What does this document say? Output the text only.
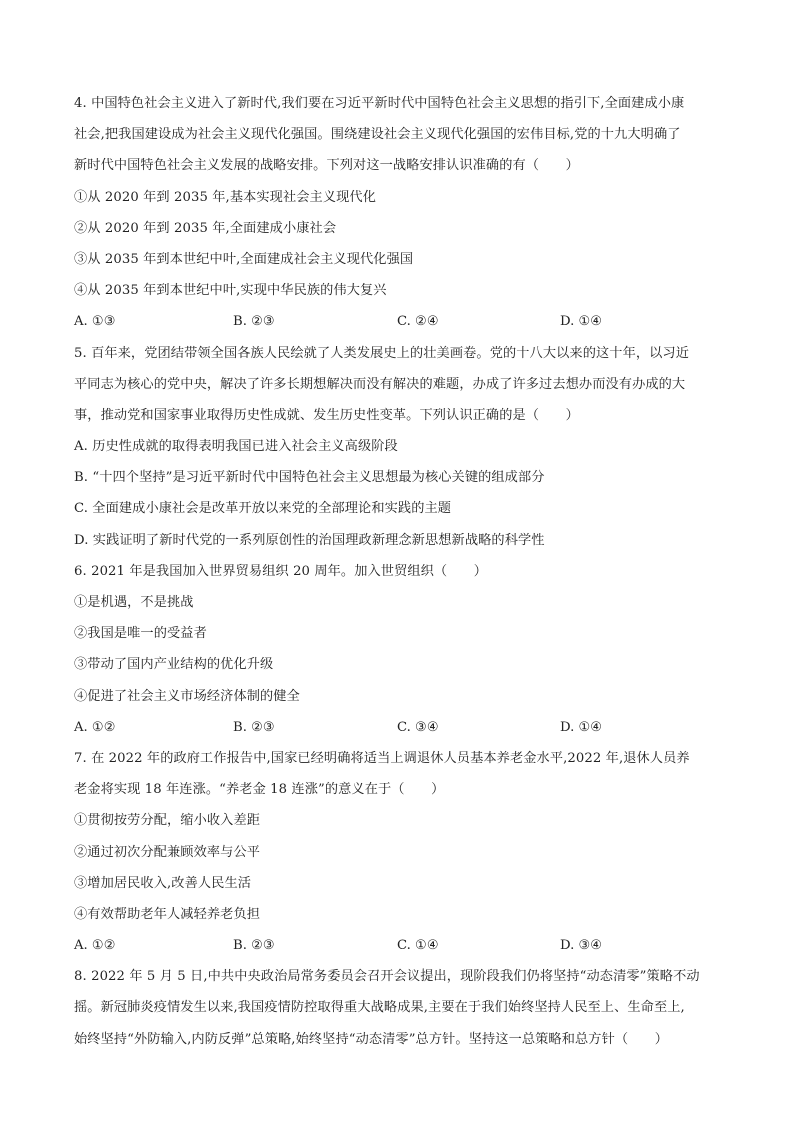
4. 中国特色社会主义进入了新时代,我们要在习近平新时代中国特色社会主义思想的指引下,全面建成小康
社会,把我国建设成为社会主义现代化强国。围绕建设社会主义现代化强国的宏伟目标,党的十九大明确了
新时代中国特色社会主义发展的战略安排。下列对这一战略安排认识准确的有（　　）
①从 2020 年到 2035 年,基本实现社会主义现代化
②从 2020 年到 2035 年,全面建成小康社会
③从 2035 年到本世纪中叶,全面建成社会主义现代化强国
④从 2035 年到本世纪中叶,实现中华民族的伟大复兴
A. ①③	B. ②③	C. ②④	D. ①④
5. 百年来，党团结带领全国各族人民绘就了人类发展史上的壮美画卷。党的十八大以来的这十年，以习近
平同志为核心的党中央，解决了许多长期想解决而没有解决的难题，办成了许多过去想办而没有办成的大
事，推动党和国家事业取得历史性成就、发生历史性变革。下列认识正确的是（　　）
A. 历史性成就的取得表明我国已进入社会主义高级阶段
B. “十四个坚持”是习近平新时代中国特色社会主义思想最为核心关键的组成部分
C. 全面建成小康社会是改革开放以来党的全部理论和实践的主题
D. 实践证明了新时代党的一系列原创性的治国理政新理念新思想新战略的科学性
6. 2021 年是我国加入世界贸易组织 20 周年。加入世贸组织（　　）
①是机遇，不是挑战
②我国是唯一的受益者
③带动了国内产业结构的优化升级
④促进了社会主义市场经济体制的健全
A. ①②	B. ②③	C. ③④	D. ①④
7. 在 2022 年的政府工作报告中,国家已经明确将适当上调退休人员基本养老金水平,2022 年,退休人员养
老金将实现 18 年连涨。“养老金 18 连涨”的意义在于（　　）
①贯彻按劳分配，缩小收入差距
②通过初次分配兼顾效率与公平
③增加居民收入,改善人民生活
④有效帮助老年人减轻养老负担
A. ①②	B. ②③	C. ①④	D. ③④
8. 2022 年 5 月 5 日,中共中央政治局常务委员会召开会议提出，现阶段我们仍将坚持“动态清零”策略不动
摇。新冠肺炎疫情发生以来,我国疫情防控取得重大战略成果,主要在于我们始终坚持人民至上、生命至上,
始终坚持“外防输入,内防反弹”总策略,始终坚持“动态清零”总方针。坚持这一总策略和总方针（　　）
